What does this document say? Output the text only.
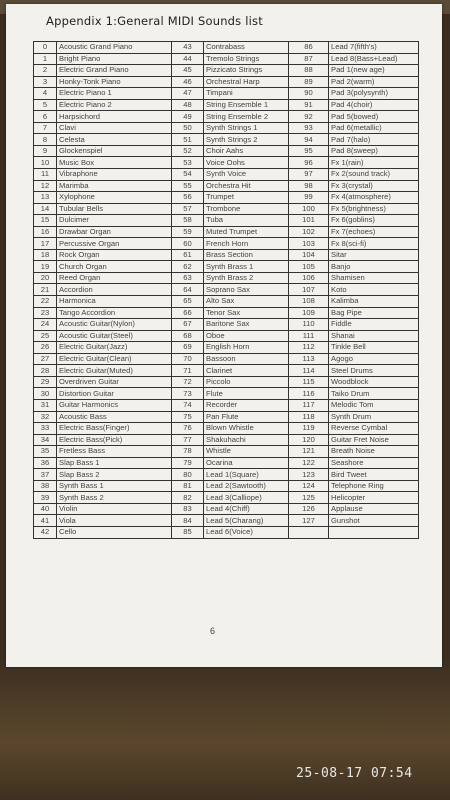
Appendix 1:General MIDI Sounds list
0	Acoustic Grand Piano	43	Contrabass	86	Lead 7(fifth's)
1	Bright Piano	44	Tremolo Strings	87	Lead 8(Bass+Lead)
2	Electric Grand Piano	45	Pizzicato Strings	88	Pad 1(new age)
3	Honky-Tonk Piano	46	Orchestral Harp	89	Pad 2(warm)
4	Electric Piano 1	47	Timpani	90	Pad 3(polysynth)
5	Electric Piano 2	48	String Ensemble 1	91	Pad 4(choir)
6	Harpsichord	49	String Ensemble 2	92	Pad 5(bowed)
7	Clavi	50	Synth Strings 1	93	Pad 6(metallic)
8	Celesta	51	Synth Strings 2	94	Pad 7(halo)
9	Glockenspiel	52	Choir Aahs	95	Pad 8(sweep)
10	Music Box	53	Voice Oohs	96	Fx 1(rain)
11	Vibraphone	54	Synth Voice	97	Fx 2(sound track)
12	Marimba	55	Orchestra Hit	98	Fx 3(crystal)
13	Xylophone	56	Trumpet	99	Fx 4(atmosphere)
14	Tubular Bells	57	Trombone	100	Fx 5(brightness)
15	Dulcimer	58	Tuba	101	Fx 6(goblins)
16	Drawbar Organ	59	Muted Trumpet	102	Fx 7(echoes)
17	Percussive Organ	60	French Horn	103	Fx 8(sci-fi)
18	Rock Organ	61	Brass Section	104	Sitar
19	Church Organ	62	Synth Brass 1	105	Banjo
20	Reed Organ	63	Synth Brass 2	106	Shamisen
21	Accordion	64	Soprano Sax	107	Koto
22	Harmonica	65	Alto Sax	108	Kalimba
23	Tango Accordion	66	Tenor Sax	109	Bag Pipe
24	Acoustic Guitar(Nylon)	67	Baritone Sax	110	Fiddle
25	Acoustic Guitar(Steel)	68	Oboe	111	Shanai
26	Electric Guitar(Jazz)	69	English Horn	112	Tinkle Bell
27	Electric Guitar(Clean)	70	Bassoon	113	Agogo
28	Electric Guitar(Muted)	71	Clarinet	114	Steel Drums
29	Overdriven Guitar	72	Piccolo	115	Woodblock
30	Distortion Guitar	73	Flute	116	Taiko Drum
31	Guitar Harmonics	74	Recorder	117	Melodic Tom
32	Acoustic Bass	75	Pan Flute	118	Synth Drum
33	Electric Bass(Finger)	76	Blown Whistle	119	Reverse Cymbal
34	Electric Bass(Pick)	77	Shakuhachi	120	Guitar Fret Noise
35	Fretless Bass	78	Whistle	121	Breath Noise
36	Slap Bass 1	79	Ocarina	122	Seashore
37	Slap Bass 2	80	Lead 1(Square)	123	Bird Tweet
38	Synth Bass 1	81	Lead 2(Sawtooth)	124	Telephone Ring
39	Synth Bass 2	82	Lead 3(Calliope)	125	Helicopter
40	Violin	83	Lead 4(Chiff)	126	Applause
41	Viola	84	Lead 5(Charang)	127	Gunshot
42	Cello	85	Lead 6(Voice)		
6
25-08-17 07:54
